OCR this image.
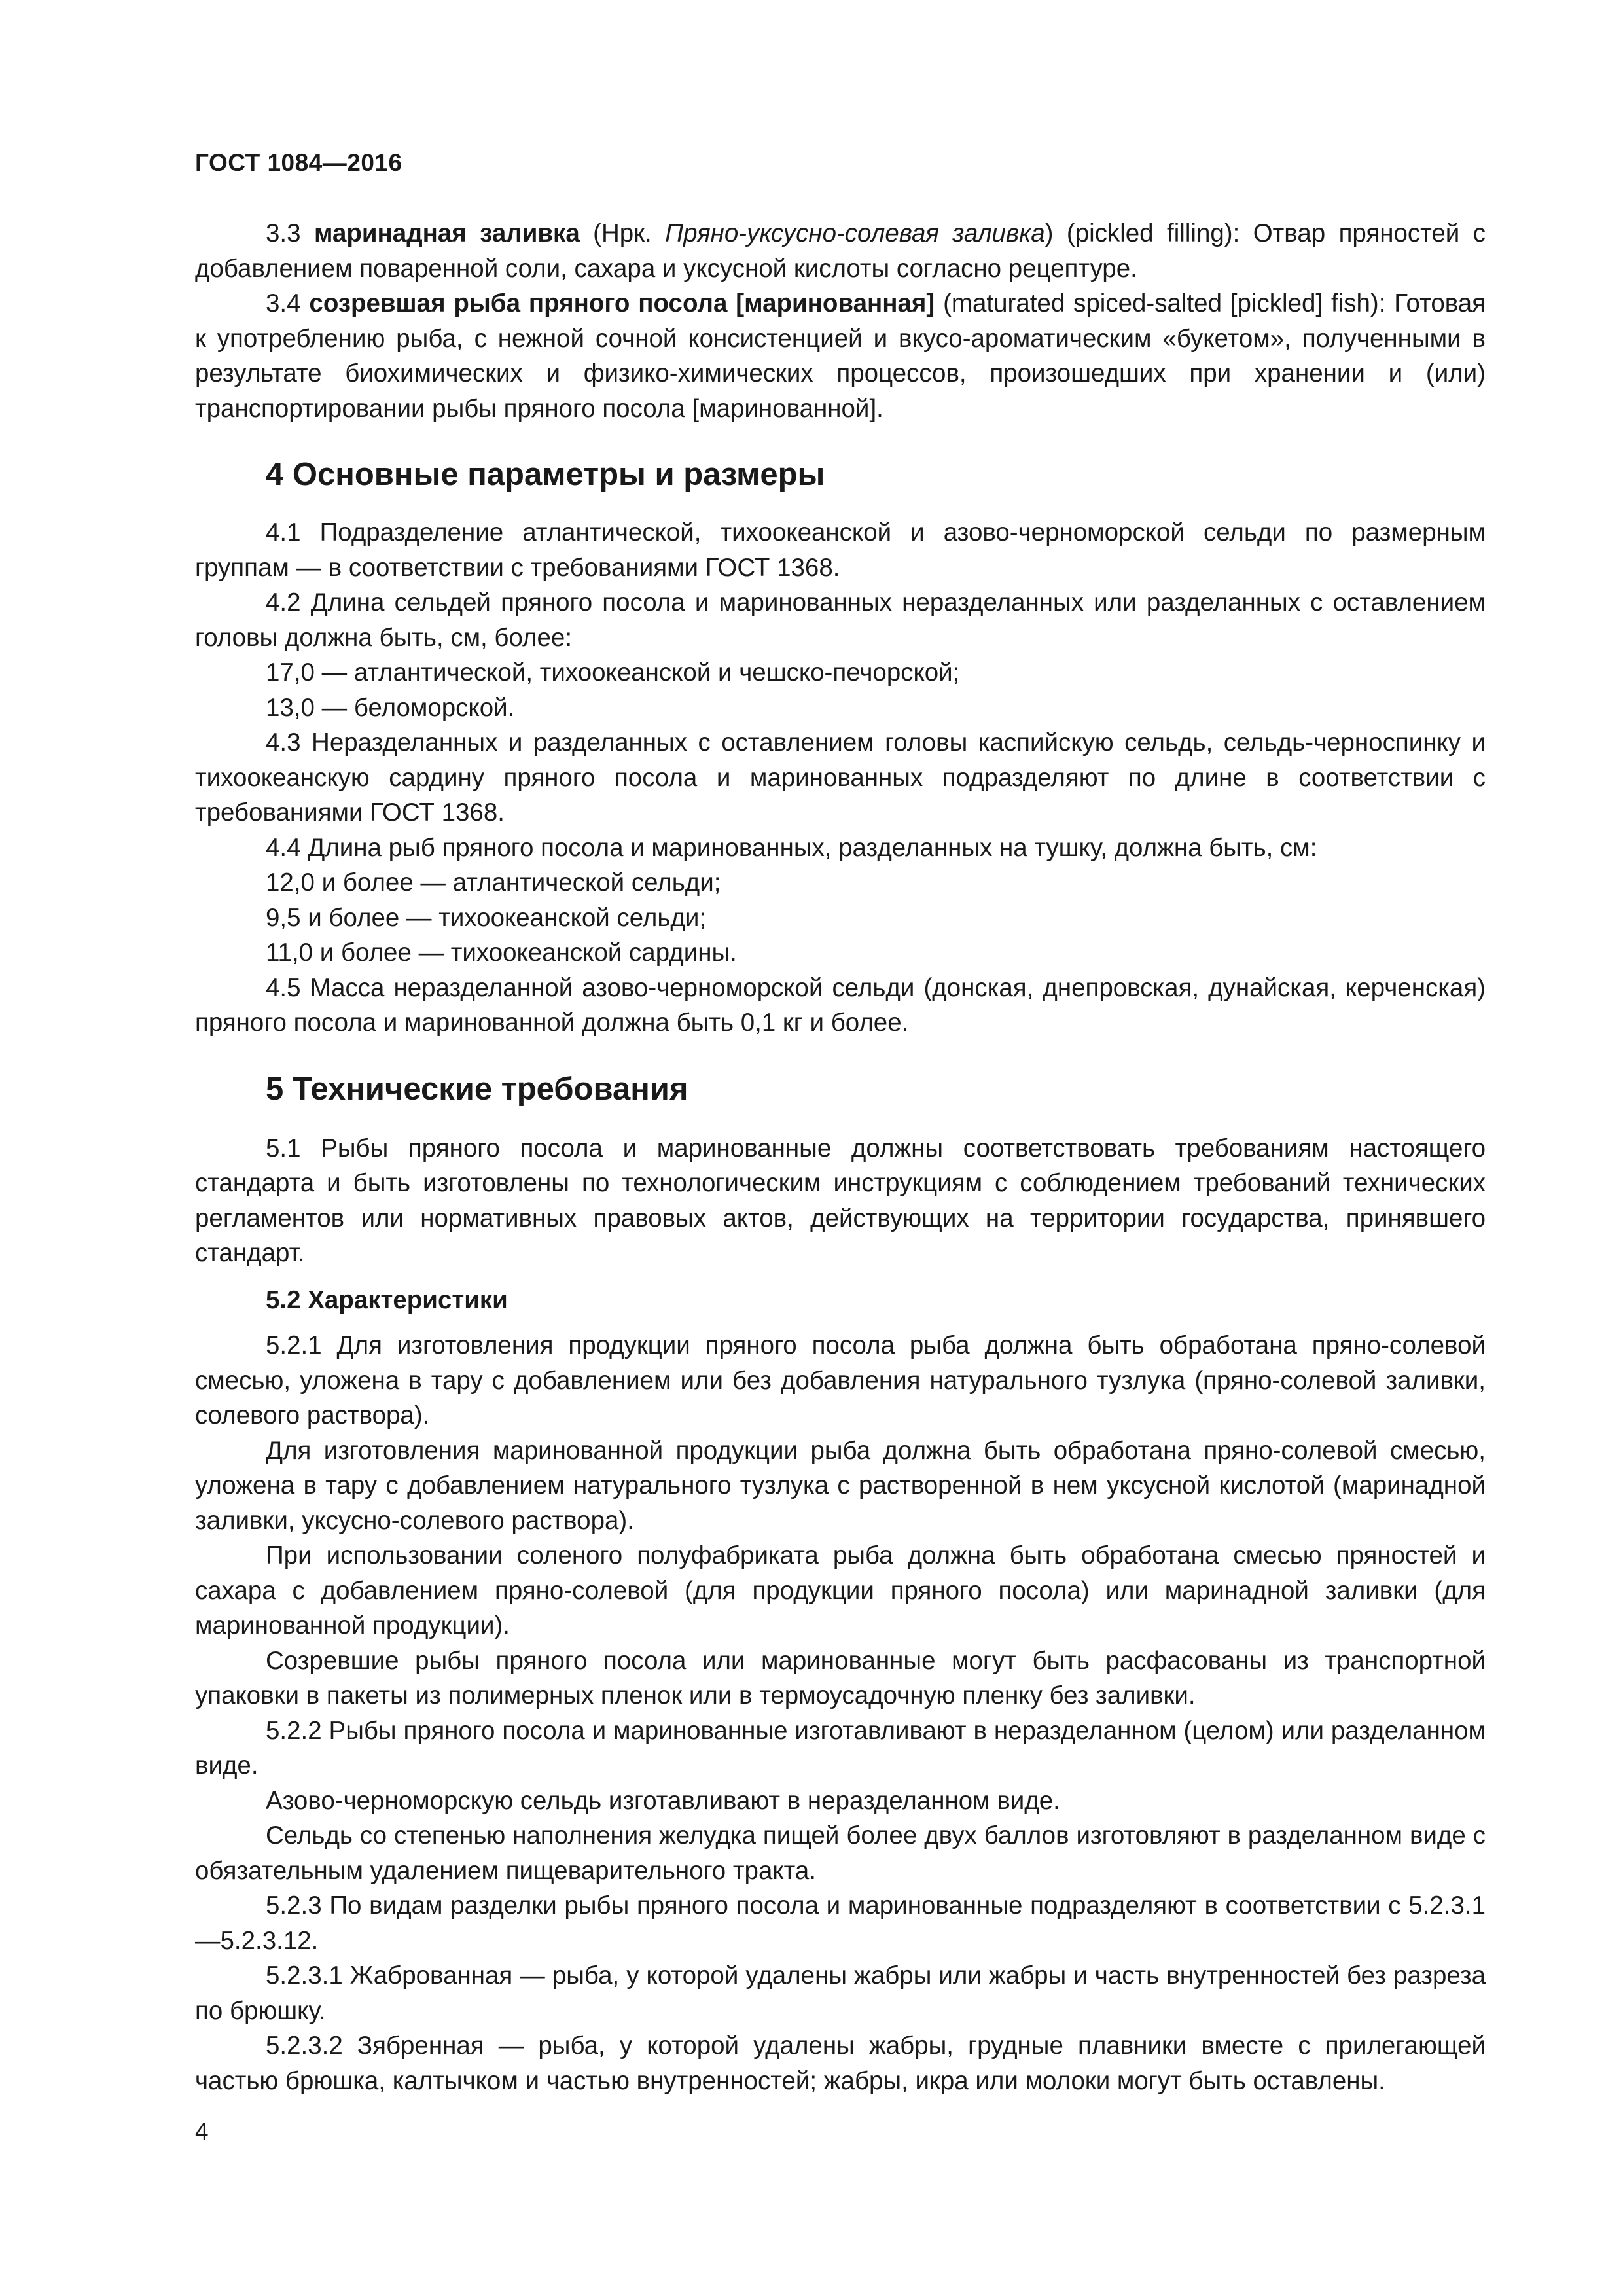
ГОСТ 1084—2016

3.3 маринадная заливка (Нрк. Пряно-уксусно-солевая заливка) (pickled filling): Отвар пряностей с добавлением поваренной соли, сахара и уксусной кислоты согласно рецептуре.

3.4 созревшая рыба пряного посола [маринованная] (maturated spiced-salted [pickled] fish): Готовая к употреблению рыба, с нежной сочной консистенцией и вкусо-ароматическим «букетом», полученными в результате биохимических и физико-химических процессов, произошедших при хранении и (или) транспортировании рыбы пряного посола [маринованной].

4 Основные параметры и размеры

4.1 Подразделение атлантической, тихоокеанской и азово-черноморской сельди по размерным группам — в соответствии с требованиями ГОСТ 1368.

4.2 Длина сельдей пряного посола и маринованных неразделанных или разделанных с оставлением головы должна быть, см, более:

17,0 — атлантической, тихоокеанской и чешско-печорской;

13,0 — беломорской.

4.3 Неразделанных и разделанных с оставлением головы каспийскую сельдь, сельдь-черноспинку и тихоокеанскую сардину пряного посола и маринованных подразделяют по длине в соответствии с требованиями ГОСТ 1368.

4.4 Длина рыб пряного посола и маринованных, разделанных на тушку, должна быть, см:

12,0 и более — атлантической сельди;

9,5 и более — тихоокеанской сельди;

11,0 и более — тихоокеанской сардины.

4.5 Масса неразделанной азово-черноморской сельди (донская, днепровская, дунайская, керченская) пряного посола и маринованной должна быть 0,1 кг и более.

5 Технические требования

5.1 Рыбы пряного посола и маринованные должны соответствовать требованиям настоящего стандарта и быть изготовлены по технологическим инструкциям с соблюдением требований технических регламентов или нормативных правовых актов, действующих на территории государства, принявшего стандарт.

5.2 Характеристики

5.2.1 Для изготовления продукции пряного посола рыба должна быть обработана пряно-солевой смесью, уложена в тару с добавлением или без добавления натурального тузлука (пряно-солевой заливки, солевого раствора).

Для изготовления маринованной продукции рыба должна быть обработана пряно-солевой смесью, уложена в тару с добавлением натурального тузлука с растворенной в нем уксусной кислотой (маринадной заливки, уксусно-солевого раствора).

При использовании соленого полуфабриката рыба должна быть обработана смесью пряностей и сахара с добавлением пряно-солевой (для продукции пряного посола) или маринадной заливки (для маринованной продукции).

Созревшие рыбы пряного посола или маринованные могут быть расфасованы из транспортной упаковки в пакеты из полимерных пленок или в термоусадочную пленку без заливки.

5.2.2 Рыбы пряного посола и маринованные изготавливают в неразделанном (целом) или разделанном виде.

Азово-черноморскую сельдь изготавливают в неразделанном виде.

Сельдь со степенью наполнения желудка пищей более двух баллов изготовляют в разделанном виде с обязательным удалением пищеварительного тракта.

5.2.3 По видам разделки рыбы пряного посола и маринованные подразделяют в соответствии с 5.2.3.1—5.2.3.12.

5.2.3.1 Жаброванная — рыба, у которой удалены жабры или жабры и часть внутренностей без разреза по брюшку.

5.2.3.2 Зябренная — рыба, у которой удалены жабры, грудные плавники вместе с прилегающей частью брюшка, калтычком и частью внутренностей; жабры, икра или молоки могут быть оставлены.

4
